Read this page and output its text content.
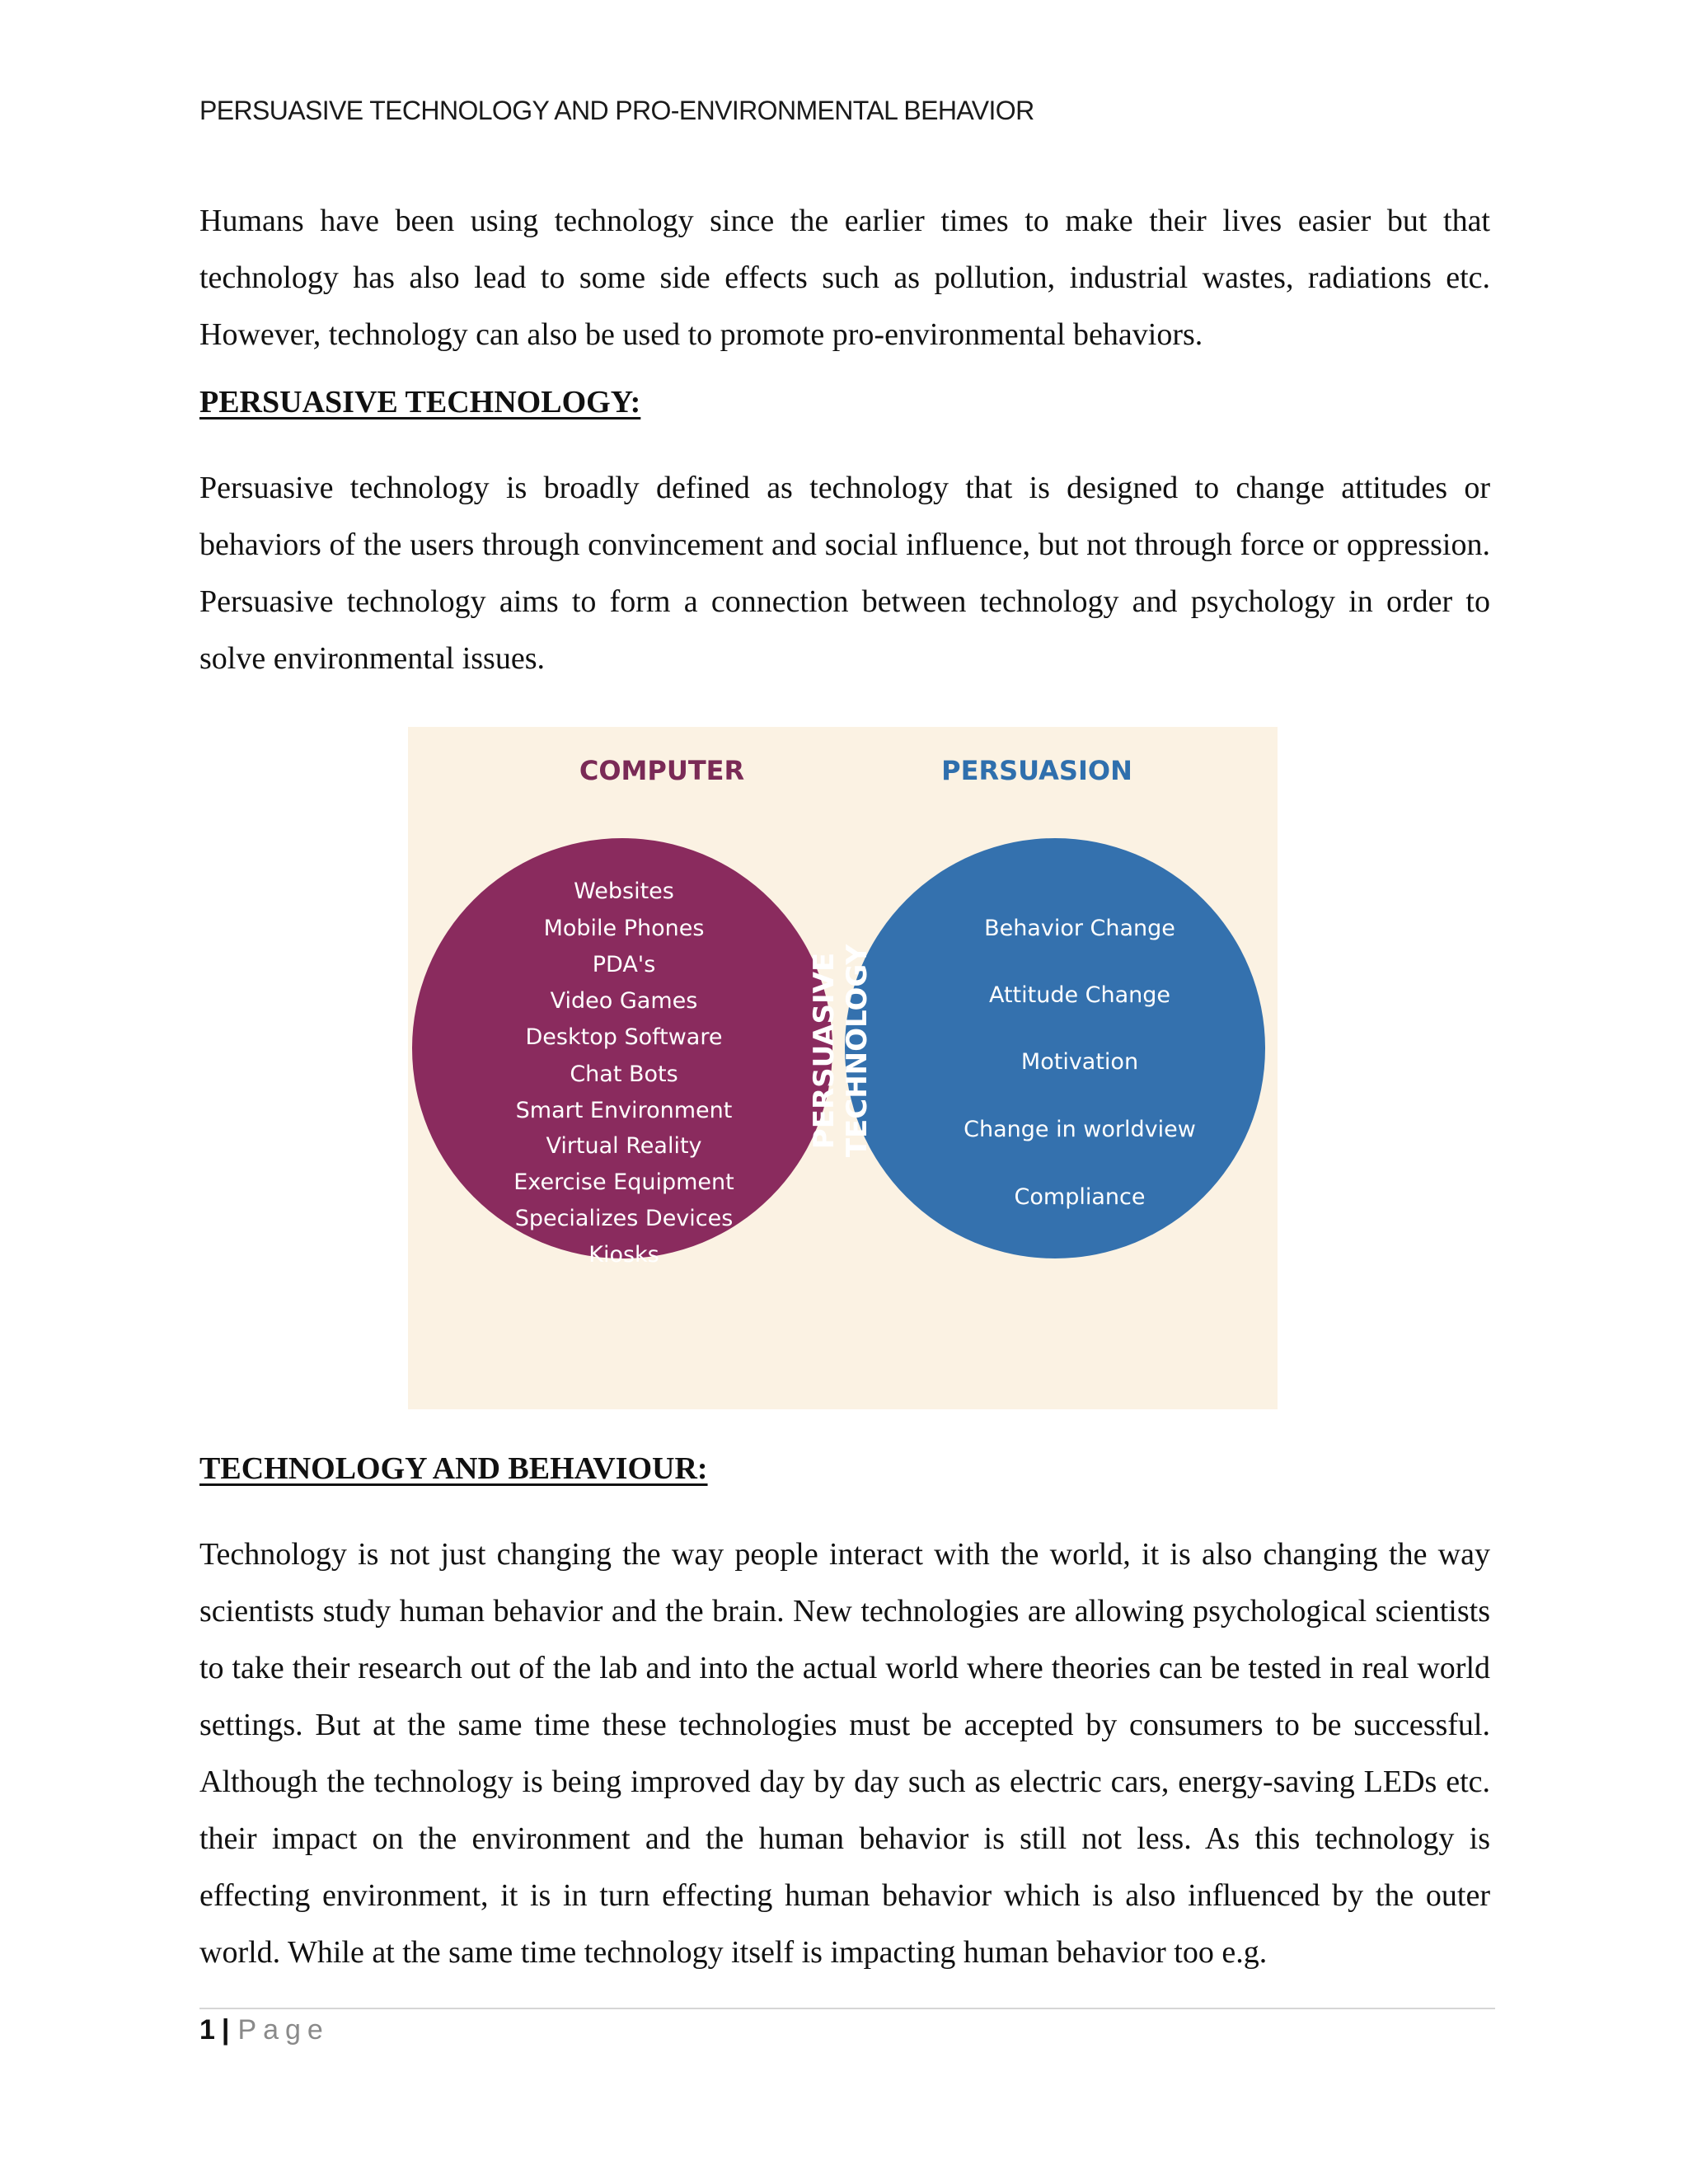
PERSUASIVE TECHNOLOGY AND PRO-ENVIRONMENTAL BEHAVIOR

Humans have been using technology since the earlier times to make their lives easier but that technology has also lead to some side effects such as pollution, industrial wastes, radiations etc. However, technology can also be used to promote pro-environmental behaviors.

PERSUASIVE TECHNOLOGY:

Persuasive technology is broadly defined as technology that is designed to change attitudes or behaviors of the users through convincement and social influence, but not through force or oppression. Persuasive technology aims to form a connection between technology and psychology in order to solve environmental issues.

COMPUTER	PERSUASION
PERSUASIVE TECHNOLOGY
Websites
Mobile Phones
PDA's
Video Games
Desktop Software
Chat Bots
Smart Environment
Virtual Reality
Exercise Equipment
Specializes Devices
Kiosks
Behavior Change
Attitude Change
Motivation
Change in worldview
Compliance
TECHNOLOGY AND BEHAVIOUR:

Technology is not just changing the way people interact with the world, it is also changing the way scientists study human behavior and the brain. New technologies are allowing psychological scientists to take their research out of the lab and into the actual world where theories can be tested in real world settings. But at the same time these technologies must be accepted by consumers to be successful. Although the technology is being improved day by day such as electric cars, energy-saving LEDs etc. their impact on the environment and the human behavior is still not less. As this technology is effecting environment, it is in turn effecting human behavior which is also influenced by the outer world. While at the same time technology itself is impacting human behavior too e.g.

1 | Page
